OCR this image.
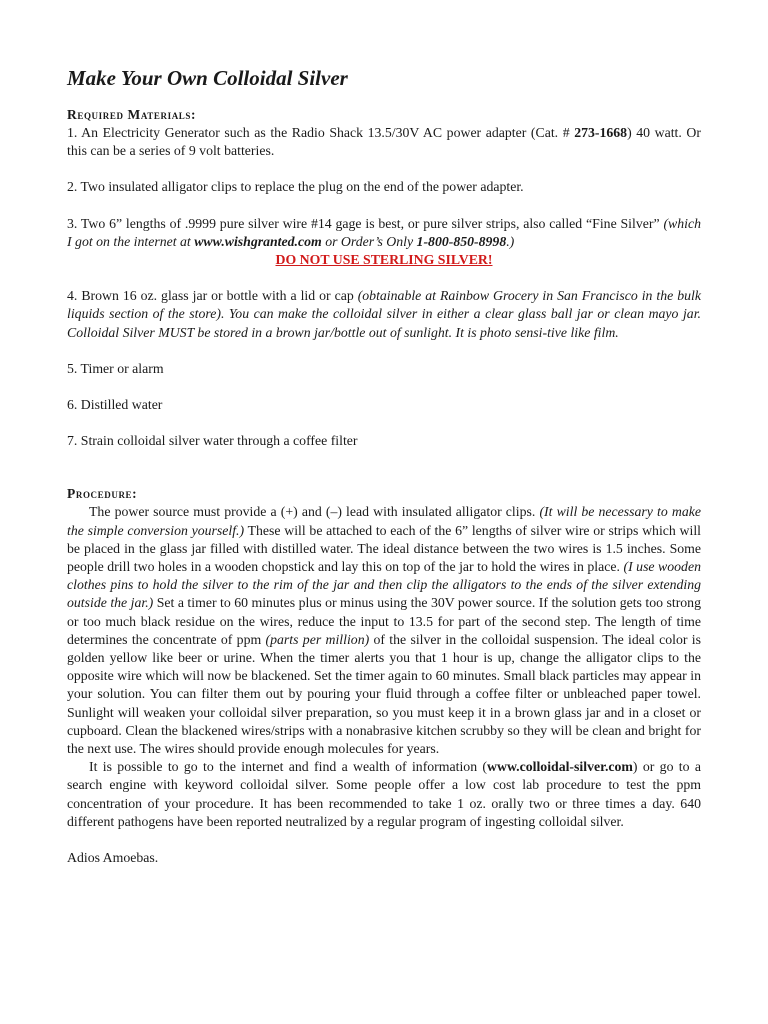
Make Your Own Colloidal Silver
Required Materials:

1. An Electricity Generator such as the Radio Shack 13.5/30V AC power adapter (Cat. # 273-1668) 40 watt. Or this can be a series of 9 volt batteries.

2. Two insulated alligator clips to replace the plug on the end of the power adapter.

3. Two 6” lengths of .9999 pure silver wire #14 gage is best, or pure silver strips, also called “Fine Silver” (which I got on the internet at www.wishgranted.com or Order’s Only 1-800-850-8998.)

DO NOT USE STERLING SILVER!

4. Brown 16 oz. glass jar or bottle with a lid or cap (obtainable at Rainbow Grocery in San Francisco in the bulk liquids section of the store). You can make the colloidal silver in either a clear glass ball jar or clean mayo jar. Colloidal Silver MUST be stored in a brown jar/bottle out of sunlight. It is photo sensi-tive like film.

5. Timer or alarm

6. Distilled water

7. Strain colloidal silver water through a coffee filter

Procedure:

The power source must provide a (+) and (–) lead with insulated alligator clips. (It will be necessary to make the simple conversion yourself.) These will be attached to each of the 6” lengths of silver wire or strips which will be placed in the glass jar filled with distilled water. The ideal distance between the two wires is 1.5 inches. Some people drill two holes in a wooden chopstick and lay this on top of the jar to hold the wires in place. (I use wooden clothes pins to hold the silver to the rim of the jar and then clip the alligators to the ends of the silver extending outside the jar.) Set a timer to 60 minutes plus or minus using the 30V power source. If the solution gets too strong or too much black residue on the wires, reduce the input to 13.5 for part of the second step. The length of time determines the concentrate of ppm (parts per million) of the silver in the colloidal suspension. The ideal color is golden yellow like beer or urine. When the timer alerts you that 1 hour is up, change the alligator clips to the opposite wire which will now be blackened. Set the timer again to 60 minutes. Small black particles may appear in your solution. You can filter them out by pouring your fluid through a coffee filter or unbleached paper towel. Sunlight will weaken your colloidal silver preparation, so you must keep it in a brown glass jar and in a closet or cupboard. Clean the blackened wires/strips with a nonabrasive kitchen scrubby so they will be clean and bright for the next use. The wires should provide enough molecules for years.

It is possible to go to the internet and find a wealth of information (www.colloidal-silver.com) or go to a search engine with keyword colloidal silver. Some people offer a low cost lab procedure to test the ppm concentration of your procedure. It has been recommended to take 1 oz. orally two or three times a day. 640 different pathogens have been reported neutralized by a regular program of ingesting colloidal silver.

Adios Amoebas.
